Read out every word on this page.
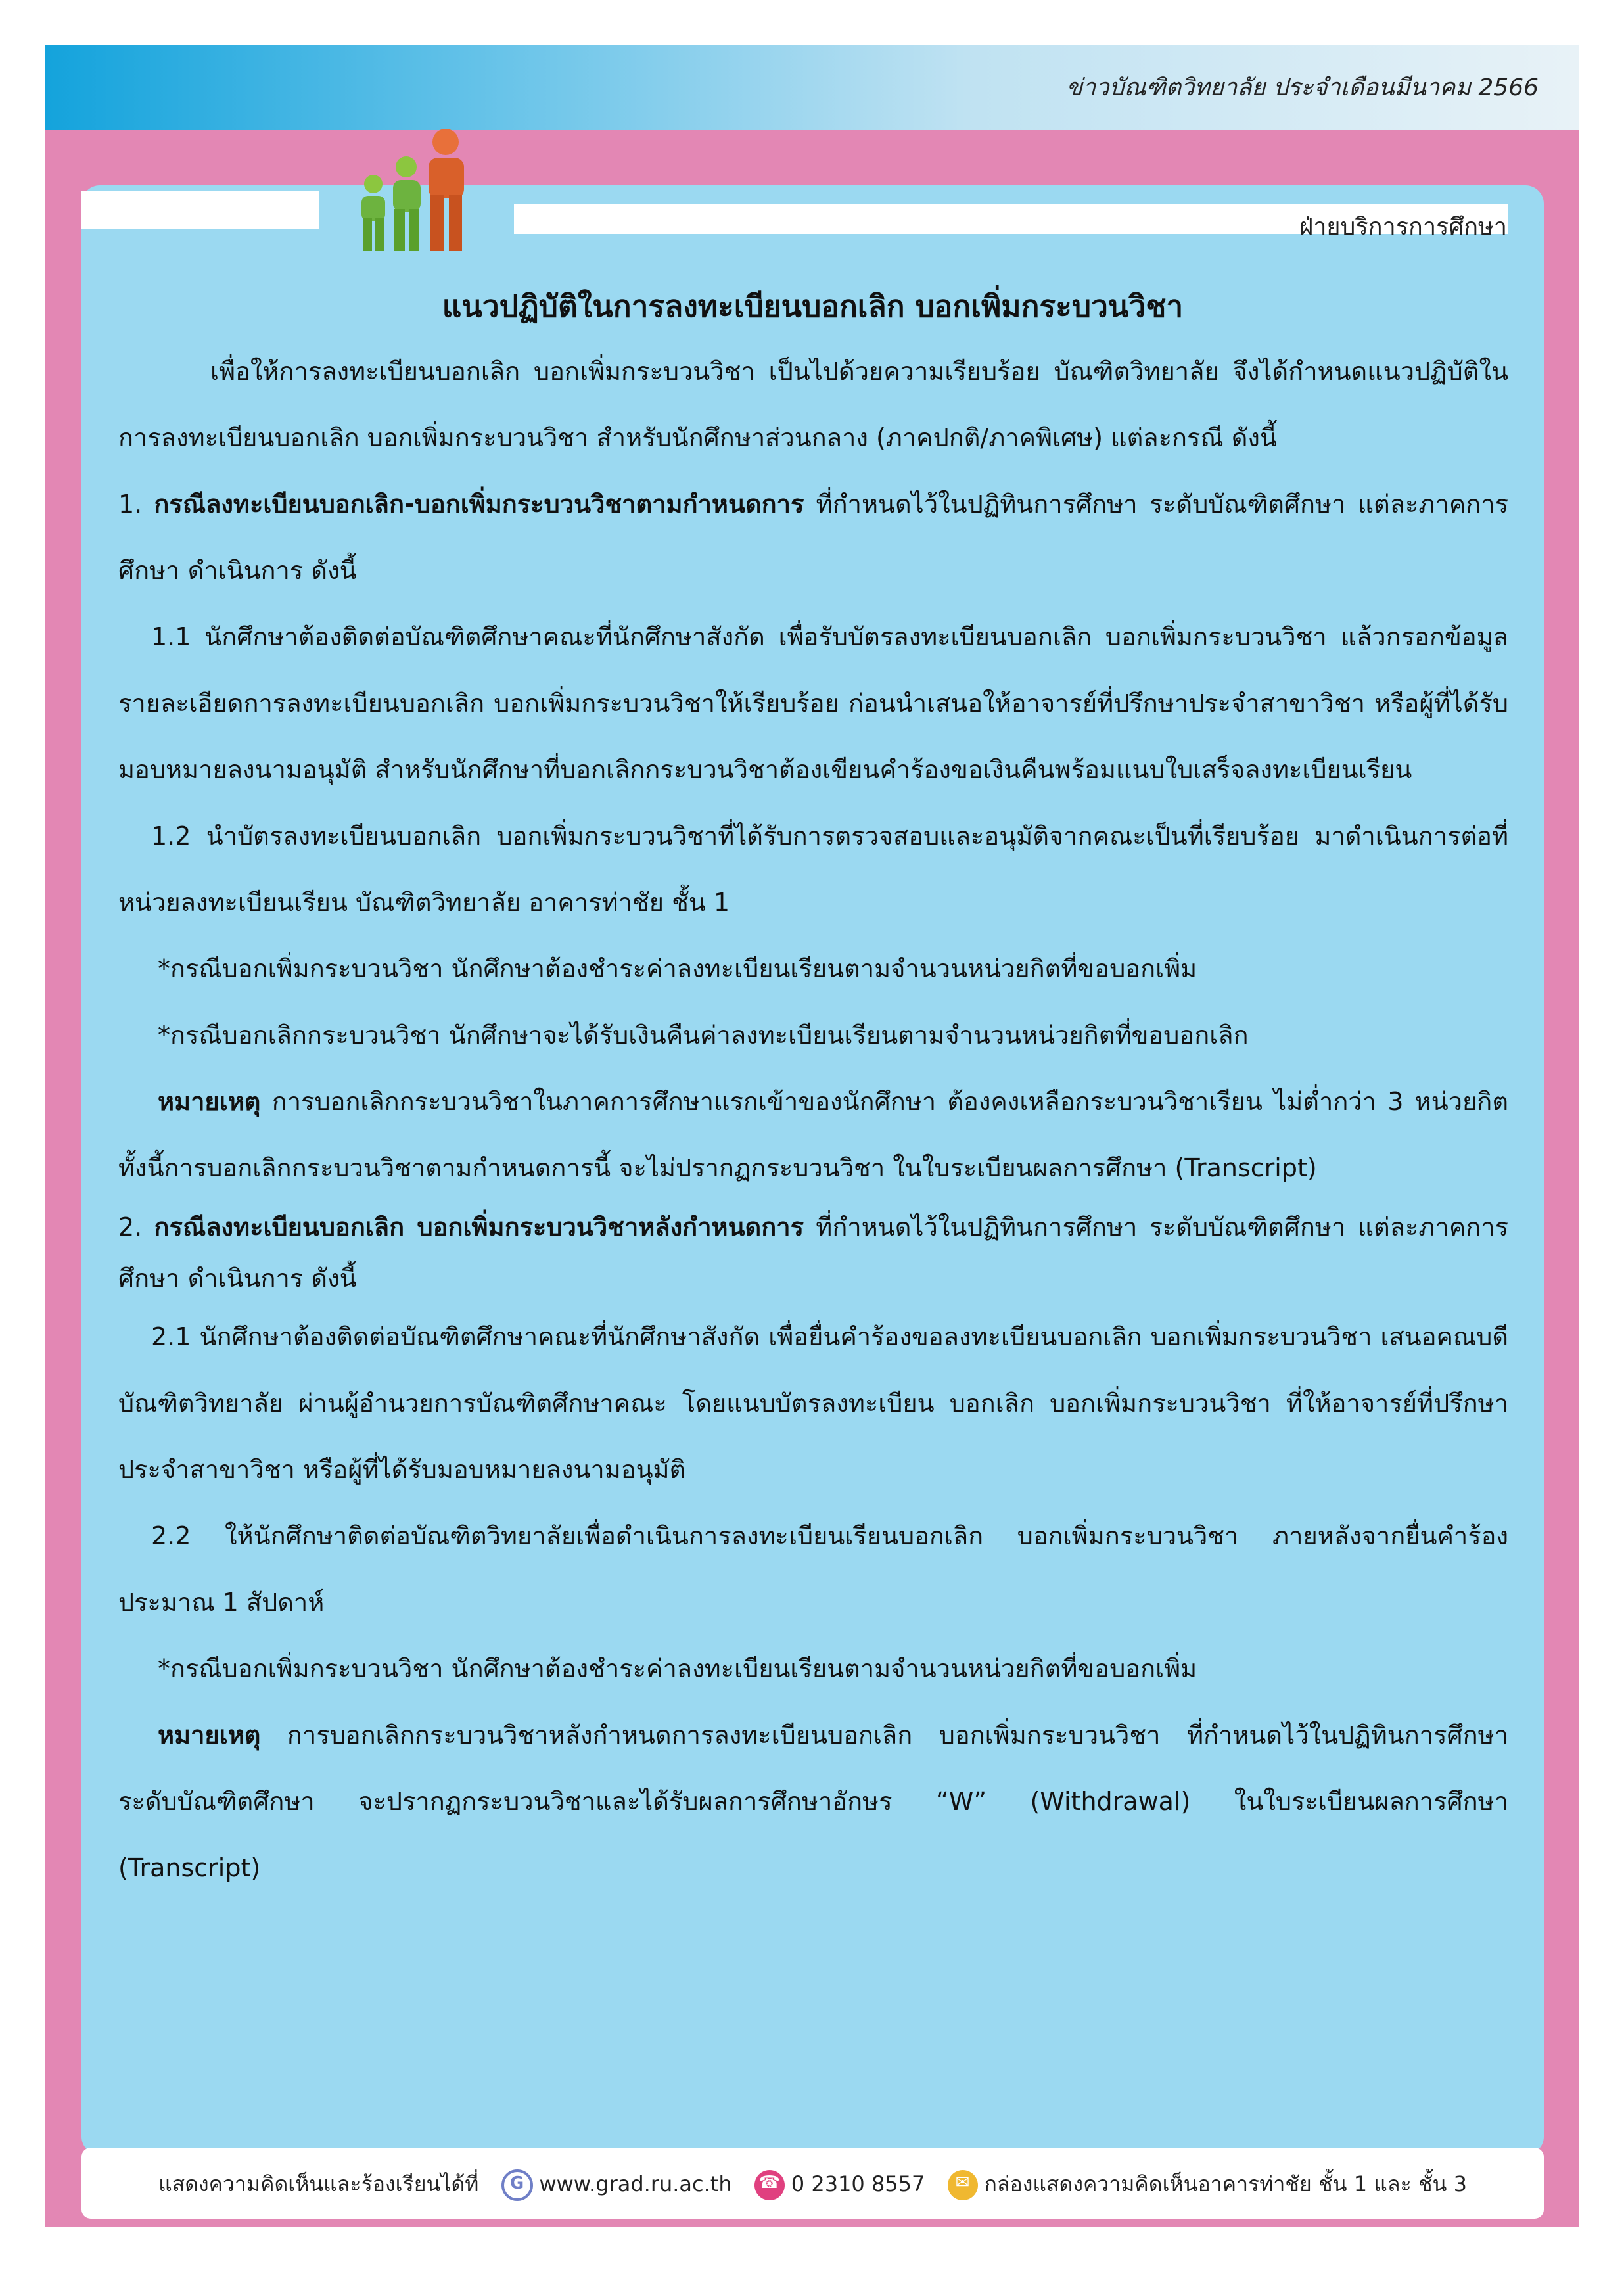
ข่าวบัณฑิตวิทยาลัย ประจำเดือนมีนาคม 2566
ฝ่ายบริการการศึกษา
แนวปฏิบัติในการลงทะเบียนบอกเลิก บอกเพิ่มกระบวนวิชา

เพื่อให้การลงทะเบียนบอกเลิก บอกเพิ่มกระบวนวิชา เป็นไปด้วยความเรียบร้อย บัณฑิตวิทยาลัย จึงได้กำหนดแนวปฏิบัติในการลงทะเบียนบอกเลิก บอกเพิ่มกระบวนวิชา สำหรับนักศึกษาส่วนกลาง (ภาคปกติ/ภาคพิเศษ) แต่ละกรณี ดังนี้

1. กรณีลงทะเบียนบอกเลิก-บอกเพิ่มกระบวนวิชาตามกำหนดการ ที่กำหนดไว้ในปฏิทินการศึกษา ระดับบัณฑิตศึกษา แต่ละภาคการศึกษา ดำเนินการ ดังนี้

1.1 นักศึกษาต้องติดต่อบัณฑิตศึกษาคณะที่นักศึกษาสังกัด เพื่อรับบัตรลงทะเบียนบอกเลิก บอกเพิ่มกระบวนวิชา แล้วกรอกข้อมูลรายละเอียดการลงทะเบียนบอกเลิก บอกเพิ่มกระบวนวิชาให้เรียบร้อย ก่อนนำเสนอให้อาจารย์ที่ปรึกษาประจำสาขาวิชา หรือผู้ที่ได้รับมอบหมายลงนามอนุมัติ สำหรับนักศึกษาที่บอกเลิกกระบวนวิชาต้องเขียนคำร้องขอเงินคืนพร้อมแนบใบเสร็จลงทะเบียนเรียน

1.2 นำบัตรลงทะเบียนบอกเลิก บอกเพิ่มกระบวนวิชาที่ได้รับการตรวจสอบและอนุมัติจากคณะเป็นที่เรียบร้อย มาดำเนินการต่อที่หน่วยลงทะเบียนเรียน บัณฑิตวิทยาลัย อาคารท่าชัย ชั้น 1

*กรณีบอกเพิ่มกระบวนวิชา นักศึกษาต้องชำระค่าลงทะเบียนเรียนตามจำนวนหน่วยกิตที่ขอบอกเพิ่ม

*กรณีบอกเลิกกระบวนวิชา นักศึกษาจะได้รับเงินคืนค่าลงทะเบียนเรียนตามจำนวนหน่วยกิตที่ขอบอกเลิก

หมายเหตุ การบอกเลิกกระบวนวิชาในภาคการศึกษาแรกเข้าของนักศึกษา ต้องคงเหลือกระบวนวิชาเรียน ไม่ต่ำกว่า 3 หน่วยกิต ทั้งนี้การบอกเลิกกระบวนวิชาตามกำหนดการนี้ จะไม่ปรากฏกระบวนวิชา ในใบระเบียนผลการศึกษา (Transcript)

2. กรณีลงทะเบียนบอกเลิก บอกเพิ่มกระบวนวิชาหลังกำหนดการ ที่กำหนดไว้ในปฏิทินการศึกษา ระดับบัณฑิตศึกษา แต่ละภาคการศึกษา ดำเนินการ ดังนี้

2.1 นักศึกษาต้องติดต่อบัณฑิตศึกษาคณะที่นักศึกษาสังกัด เพื่อยื่นคำร้องขอลงทะเบียนบอกเลิก บอกเพิ่มกระบวนวิชา เสนอคณบดีบัณฑิตวิทยาลัย ผ่านผู้อำนวยการบัณฑิตศึกษาคณะ โดยแนบบัตรลงทะเบียน บอกเลิก บอกเพิ่มกระบวนวิชา ที่ให้อาจารย์ที่ปรึกษาประจำสาขาวิชา หรือผู้ที่ได้รับมอบหมายลงนามอนุมัติ

2.2 ให้นักศึกษาติดต่อบัณฑิตวิทยาลัยเพื่อดำเนินการลงทะเบียนเรียนบอกเลิก บอกเพิ่มกระบวนวิชา ภายหลังจากยื่นคำร้องประมาณ 1 สัปดาห์

*กรณีบอกเพิ่มกระบวนวิชา นักศึกษาต้องชำระค่าลงทะเบียนเรียนตามจำนวนหน่วยกิตที่ขอบอกเพิ่ม

หมายเหตุ การบอกเลิกกระบวนวิชาหลังกำหนดการลงทะเบียนบอกเลิก บอกเพิ่มกระบวนวิชา ที่กำหนดไว้ในปฏิทินการศึกษา ระดับบัณฑิตศึกษา จะปรากฏกระบวนวิชาและได้รับผลการศึกษาอักษร “W” (Withdrawal) ในใบระเบียนผลการศึกษา (Transcript)

แสดงความคิดเห็นและร้องเรียนได้ที่	G www.grad.ru.ac.th ☎ 0 2310 8557	✉ กล่องแสดงความคิดเห็นอาคารท่าชัย ชั้น 1 และ ชั้น 3
